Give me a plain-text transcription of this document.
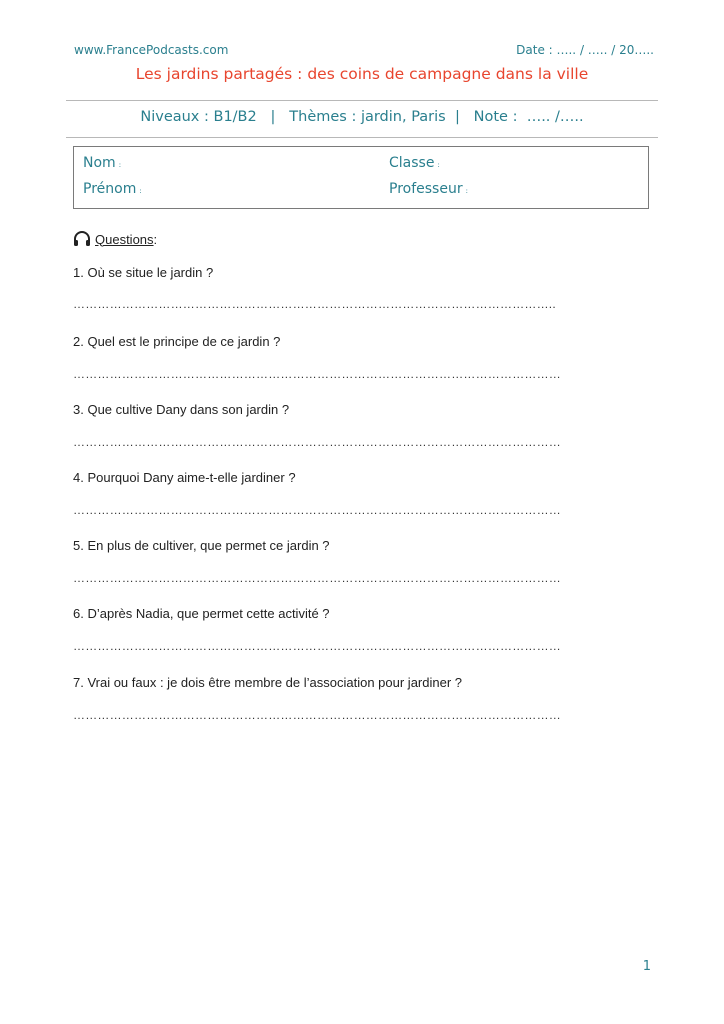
www.FrancePodcasts.com	Date : ….. / ….. / 20…..
Les jardins partagés : des coins de campagne dans la ville
Niveaux : B1/B2   |   Thèmes : jardin, Paris  |   Note :  ….. /…..
Nom :
Prénom :
Classe :
Professeur :
Questions :
1. Où se situe le jardin ?
………………………………………………………………………………………………………..
2. Quel est le principe de ce jardin ?
…………………………………………………………………………………………………………
3. Que cultive Dany dans son jardin ?
…………………………………………………………………………………………………………
4. Pourquoi Dany aime-t-elle jardiner ?
…………………………………………………………………………………………………………
5. En plus de cultiver, que permet ce jardin ?
…………………………………………………………………………………………………………
6. D’après Nadia, que permet cette activité ?
…………………………………………………………………………………………………………
7. Vrai ou faux : je dois être membre de l’association pour jardiner ?
…………………………………………………………………………………………………………
1
